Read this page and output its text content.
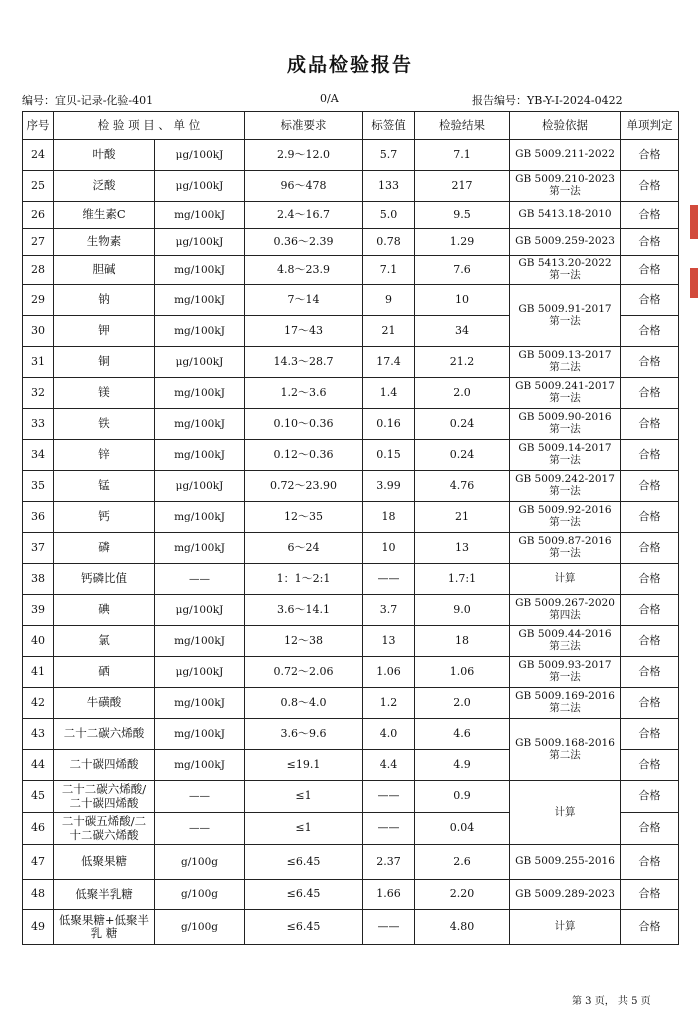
成品检验报告
编号：宜贝-记录-化验-401	0/A	报告编号：YB-Y-I-2024-0422
序号	检 验 项 目 、 单 位		标准要求	标签值	检验结果	检验依据	单项判定
24	叶酸	μg/100kJ	2.9～12.0	5.7	7.1	GB 5009.211-2022	合格
25	泛酸	μg/100kJ	96～478	133	217	GB 5009.210-2023 第一法	合格
26	维生素C	mg/100kJ	2.4～16.7	5.0	9.5	GB 5413.18-2010	合格
27	生物素	μg/100kJ	0.36～2.39	0.78	1.29	GB 5009.259-2023	合格
28	胆碱	mg/100kJ	4.8～23.9	7.1	7.6	GB 5413.20-2022 第一法	合格
29	钠	mg/100kJ	7～14	9	10	GB 5009.91-2017 第一法	合格
30	钾	mg/100kJ	17～43	21	34		合格
31	铜	μg/100kJ	14.3～28.7	17.4	21.2	GB 5009.13-2017 第二法	合格
32	镁	mg/100kJ	1.2～3.6	1.4	2.0	GB 5009.241-2017 第一法	合格
33	铁	mg/100kJ	0.10～0.36	0.16	0.24	GB 5009.90-2016 第一法	合格
34	锌	mg/100kJ	0.12～0.36	0.15	0.24	GB 5009.14-2017 第一法	合格
35	锰	μg/100kJ	0.72～23.90	3.99	4.76	GB 5009.242-2017 第一法	合格
36	钙	mg/100kJ	12～35	18	21	GB 5009.92-2016 第一法	合格
37	磷	mg/100kJ	6～24	10	13	GB 5009.87-2016 第一法	合格
38	钙磷比值	——	1：1～2:1	——	1.7:1	计算	合格
39	碘	μg/100kJ	3.6～14.1	3.7	9.0	GB 5009.267-2020 第四法	合格
40	氯	mg/100kJ	12～38	13	18	GB 5009.44-2016 第三法	合格
41	硒	μg/100kJ	0.72～2.06	1.06	1.06	GB 5009.93-2017 第一法	合格
42	牛磺酸	mg/100kJ	0.8～4.0	1.2	2.0	GB 5009.169-2016 第二法	合格
43	二十二碳六烯酸	mg/100kJ	3.6～9.6	4.0	4.6	GB 5009.168-2016 第二法	合格
44	二十碳四烯酸	mg/100kJ	≤19.1	4.4	4.9		合格
45	二十二碳六烯酸/ 二十碳四烯酸	——	≤1	——	0.9	计算	合格
46	二十碳五烯酸/二 十二碳六烯酸	——	≤1	——	0.04		合格
47	低聚果糖	g/100g	≤6.45	2.37	2.6	GB 5009.255-2016	合格
48	低聚半乳糖	g/100g	≤6.45	1.66	2.20	GB 5009.289-2023	合格
49	低聚果糖+低聚半乳 糖	g/100g	≤6.45	——	4.80	计算	合格
第 3 页， 共 5 页
